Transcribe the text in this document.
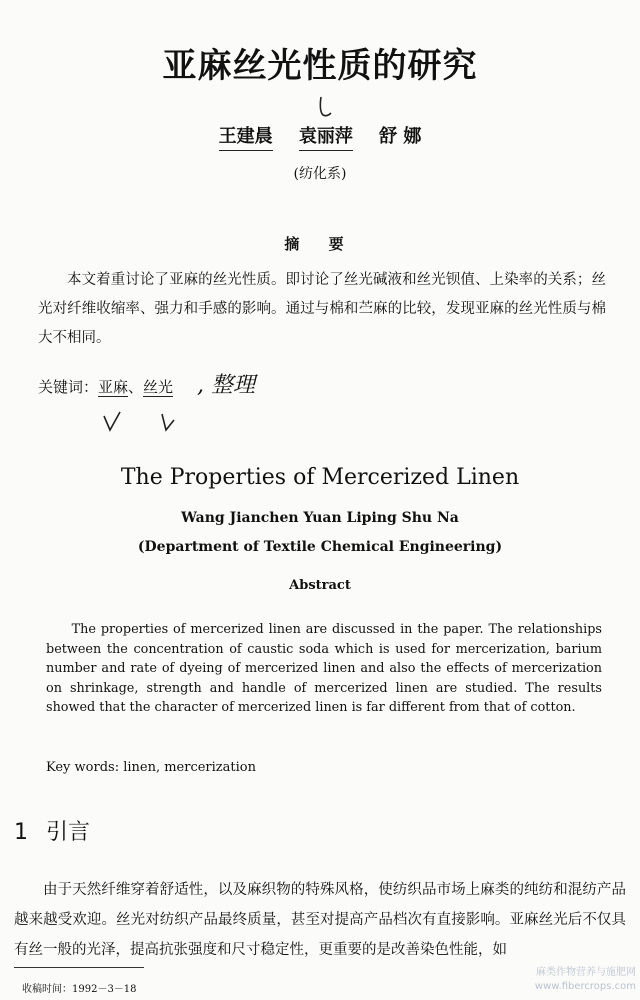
亚麻丝光性质的研究
王建晨 袁丽萍 舒 娜
(纺化系)
摘 要
本文着重讨论了亚麻的丝光性质。即讨论了丝光碱液和丝光钡值、上染率的关系；丝光对纤维收缩率、强力和手感的影响。通过与棉和苎麻的比较，发现亚麻的丝光性质与棉大不相同。
关键词：亚麻、丝光 , 整理
The Properties of Mercerized Linen
Wang Jianchen Yuan Liping Shu Na
(Department of Textile Chemical Engineering)
Abstract
The properties of mercerized linen are discussed in the paper. The relationships between the concentration of caustic soda which is used for mercerization, barium number and rate of dyeing of mercerized linen and also the effects of mercerization on shrinkage, strength and handle of mercerized linen are studied. The results showed that the character of mercerized linen is far different from that of cotton.
Key words: linen, mercerization
1 引言
由于天然纤维穿着舒适性，以及麻织物的特殊风格，使纺织品市场上麻类的纯纺和混纺产品越来越受欢迎。丝光对纺织产品最终质量，甚至对提高产品档次有直接影响。亚麻丝光后不仅具有丝一般的光泽，提高抗张强度和尺寸稳定性，更重要的是改善染色性能，如
收稿时间：1992－3－18
麻类作物营养与施肥网
www.fibercrops.com
